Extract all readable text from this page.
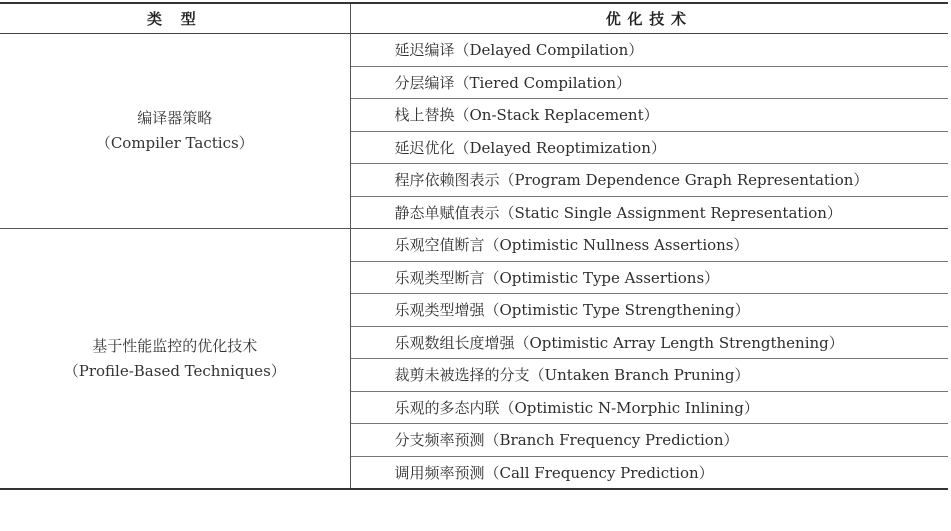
类 型	优化技术

编译器策略
（Compiler Tactics）	延迟编译（Delayed Compilation）
	分层编译（Tiered Compilation）
	栈上替换（On-Stack Replacement）
	延迟优化（Delayed Reoptimization）
	程序依赖图表示（Program Dependence Graph Representation）
	静态单赋值表示（Static Single Assignment Representation）

基于性能监控的优化技术
（Profile-Based Techniques）	乐观空值断言（Optimistic Nullness Assertions）
	乐观类型断言（Optimistic Type Assertions）
	乐观类型增强（Optimistic Type Strengthening）
	乐观数组长度增强（Optimistic Array Length Strengthening）
	裁剪未被选择的分支（Untaken Branch Pruning）
	乐观的多态内联（Optimistic N-Morphic Inlining）
	分支频率预测（Branch Frequency Prediction）
	调用频率预测（Call Frequency Prediction）
